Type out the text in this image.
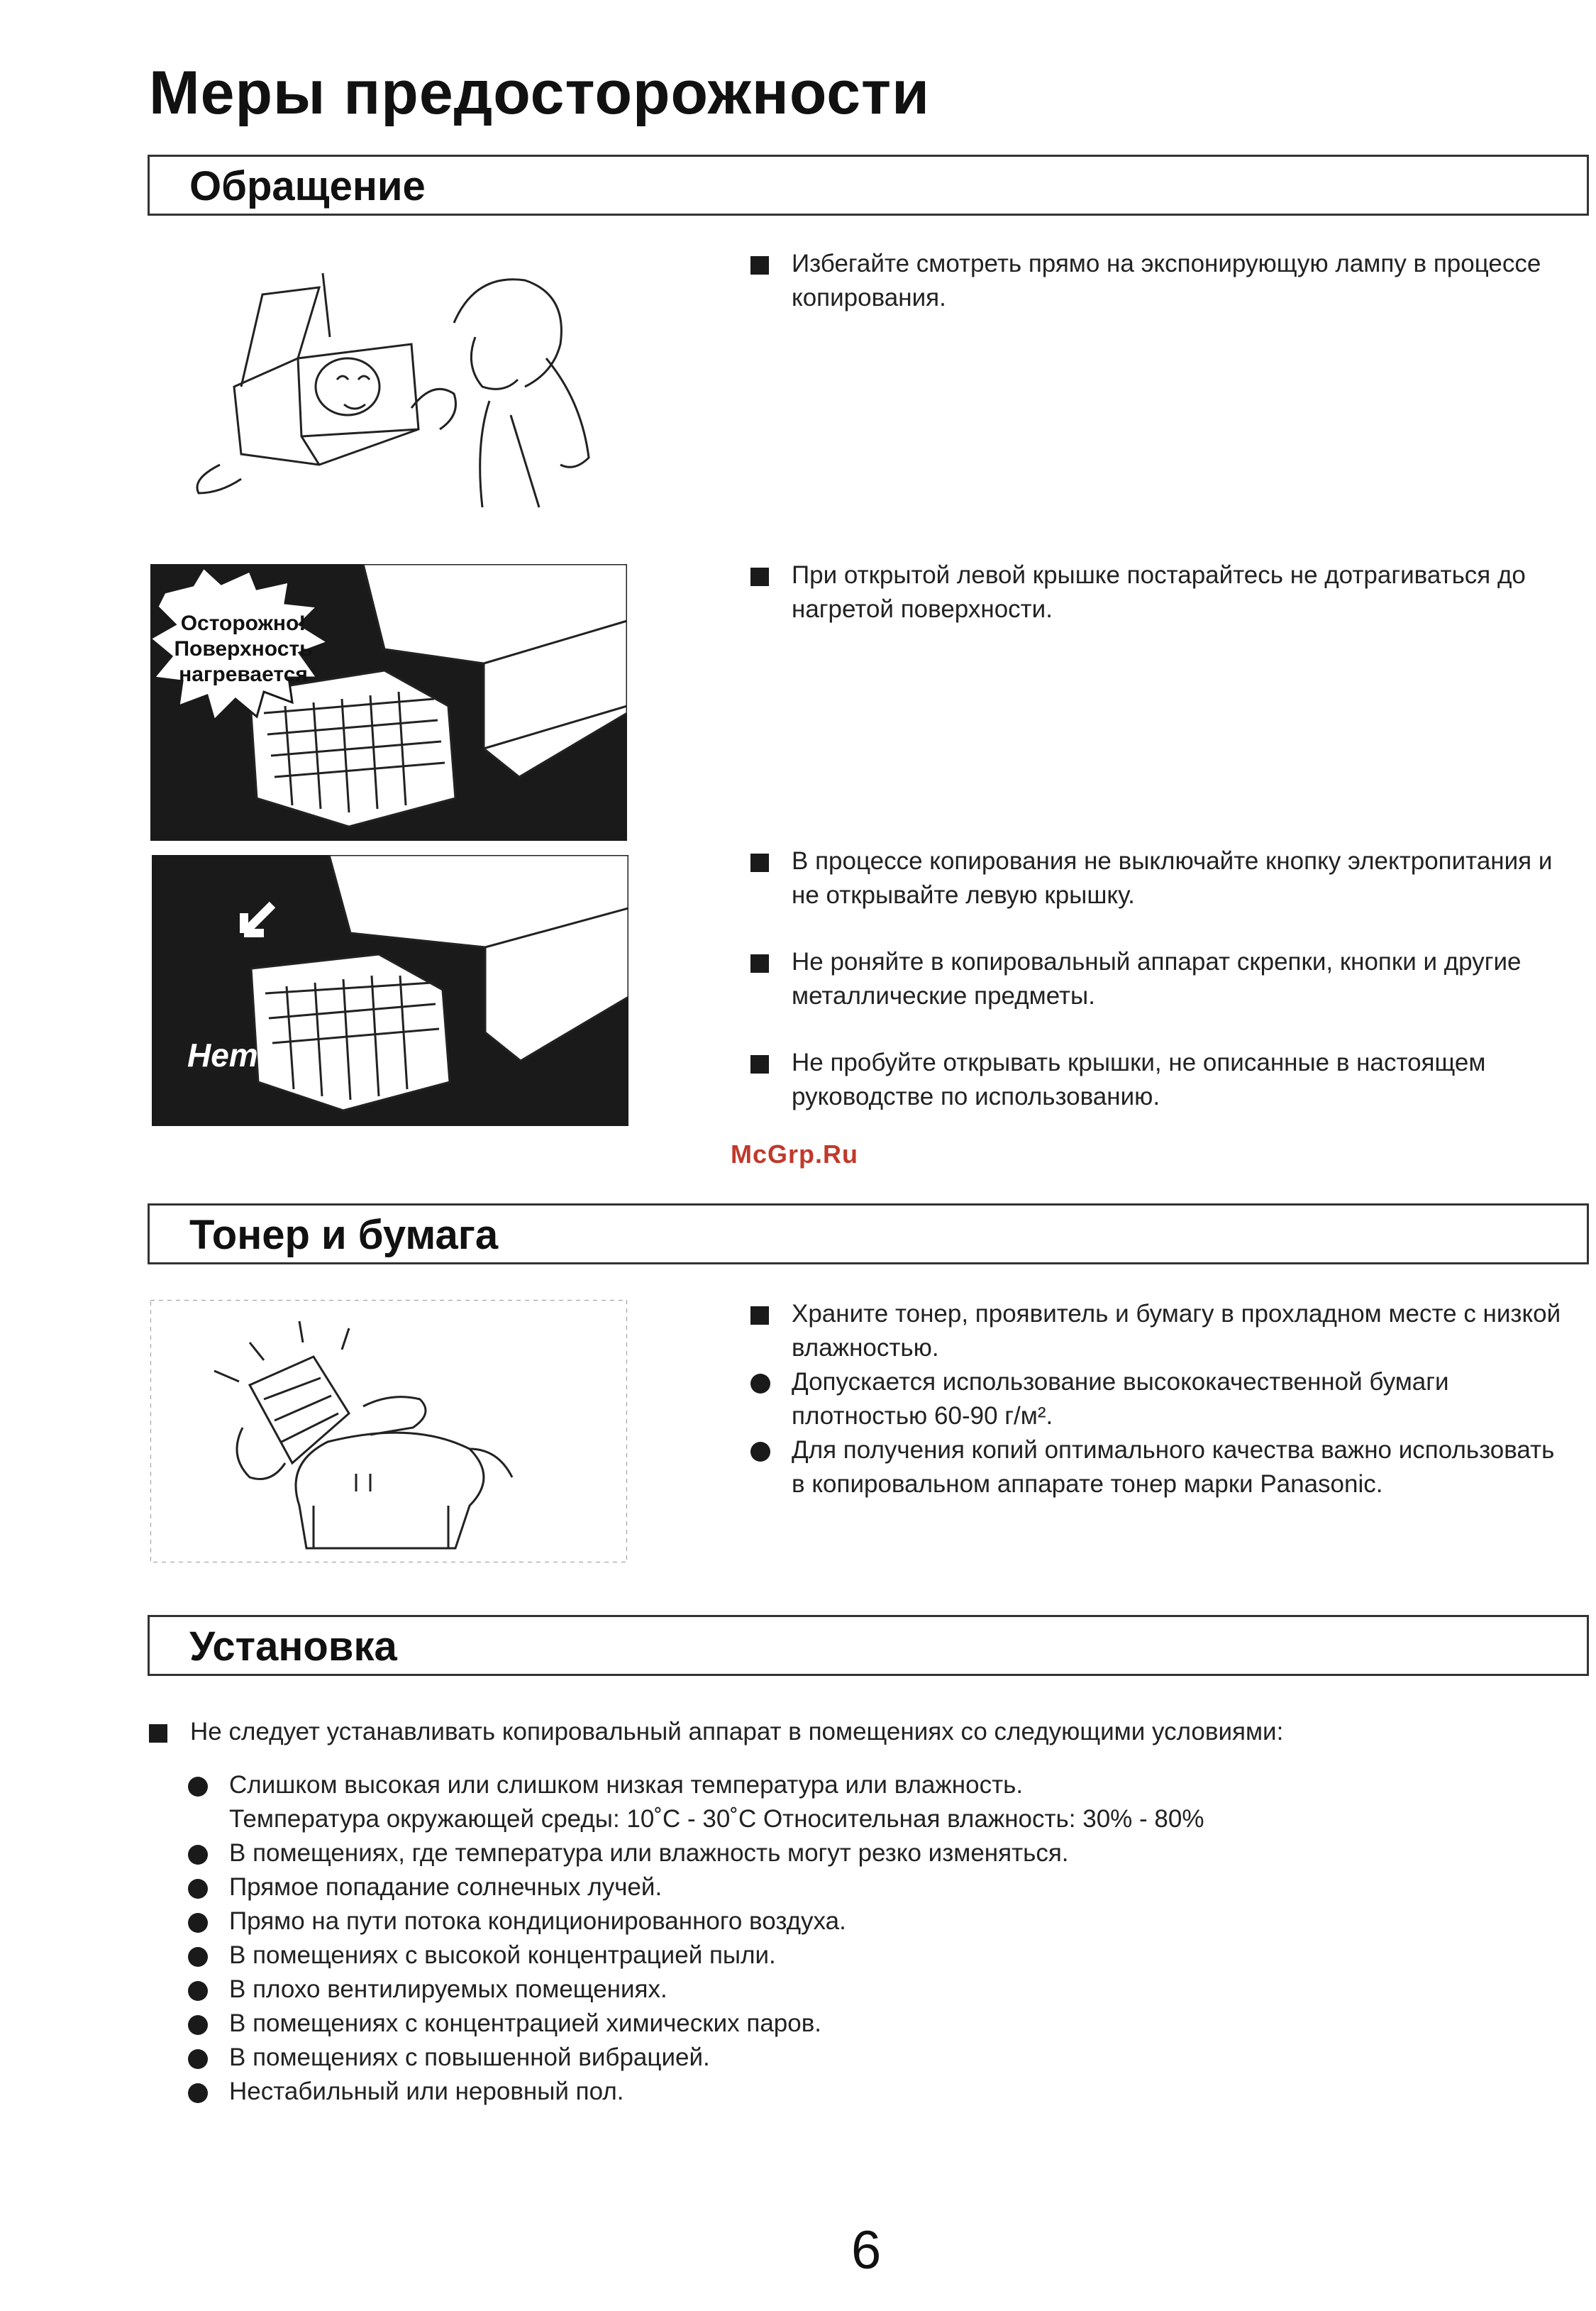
Меры предосторожности
Обращение
Избегайте смотреть прямо на экспонирующую лампу в процессе копирования.
Осторожно!
Поверхность
нагревается
При открытой левой крышке постарайтесь не дотрагиваться до нагретой поверхности.
Нет!
В процессе копирования не выключайте кнопку электропитания и не открывайте левую крышку.
Не роняйте в копировальный аппарат скрепки, кнопки и другие металлические предметы.
Не пробуйте открывать крышки, не описанные в настоящем руководстве по использованию.
McGrp.Ru
Тонер и бумага
Храните тонер, проявитель и бумагу в прохладном месте с низкой влажностью.
Допускается использование высококачественной бумаги плотностью 60-90 г/м².
Для получения копий оптимального качества важно использовать в копировальном аппарате тонер марки Panasonic.
Установка
Не следует устанавливать копировальный аппарат в помещениях со следующими условиями:
Слишком высокая или слишком низкая температура или влажность.
Температура окружающей среды: 10˚С - 30˚С Относительная влажность: 30% - 80%
В помещениях, где температура или влажность могут резко изменяться.
Прямое попадание солнечных лучей.
Прямо на пути потока кондиционированного воздуха.
В помещениях с высокой концентрацией пыли.
В плохо вентилируемых помещениях.
В помещениях с концентрацией химических паров.
В помещениях с повышенной вибрацией.
Нестабильный или неровный пол.
6
